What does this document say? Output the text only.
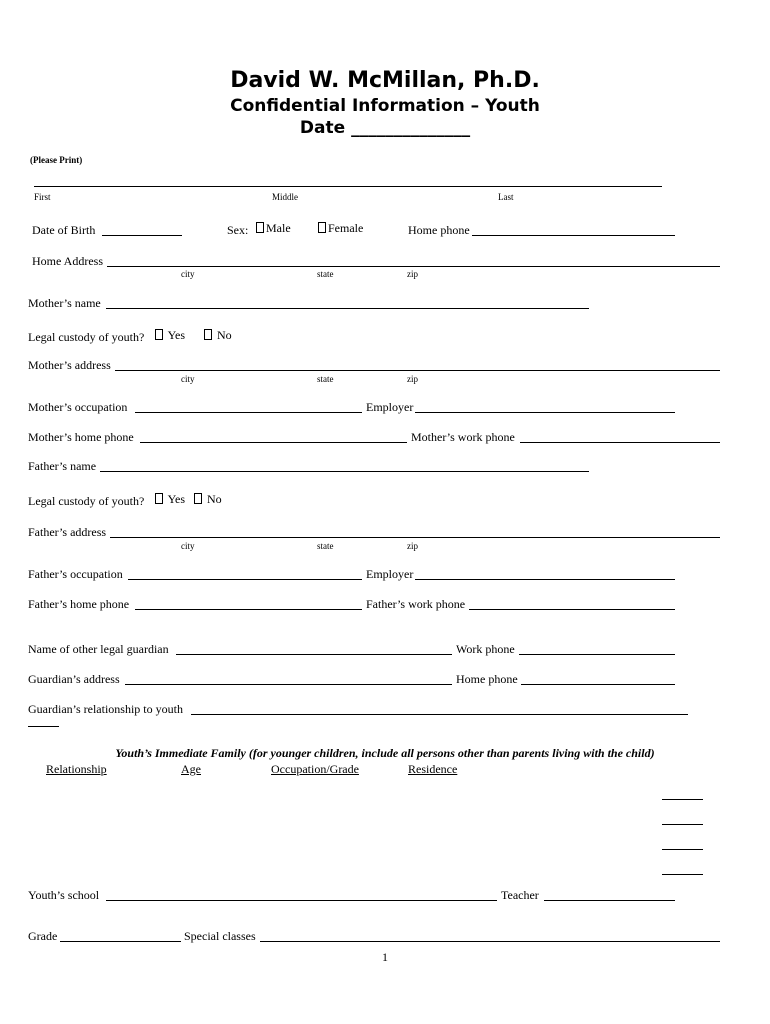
David W. McMillan, Ph.D.
Confidential Information – Youth
Date ______________
(Please Print)
First	Middle	Last
Date of Birth	Sex:	Male	Female	Home phone
Home Address
city	state	zip
Mother’s name
Legal custody of youth?	Yes	No
Mother’s address
city	state	zip
Mother’s occupation	Employer
Mother’s home phone	Mother’s work phone
Father’s name
Legal custody of youth?	Yes	No
Father’s address
city	state	zip
Father’s occupation	Employer
Father’s home phone	Father’s work phone
Name of other legal guardian	Work phone
Guardian’s address	Home phone
Guardian’s relationship to youth
Youth’s Immediate Family (for younger children, include all persons other than parents living with the child)
Relationship	Age	Occupation/Grade	Residence
Youth’s school	Teacher
Grade	Special classes
1
